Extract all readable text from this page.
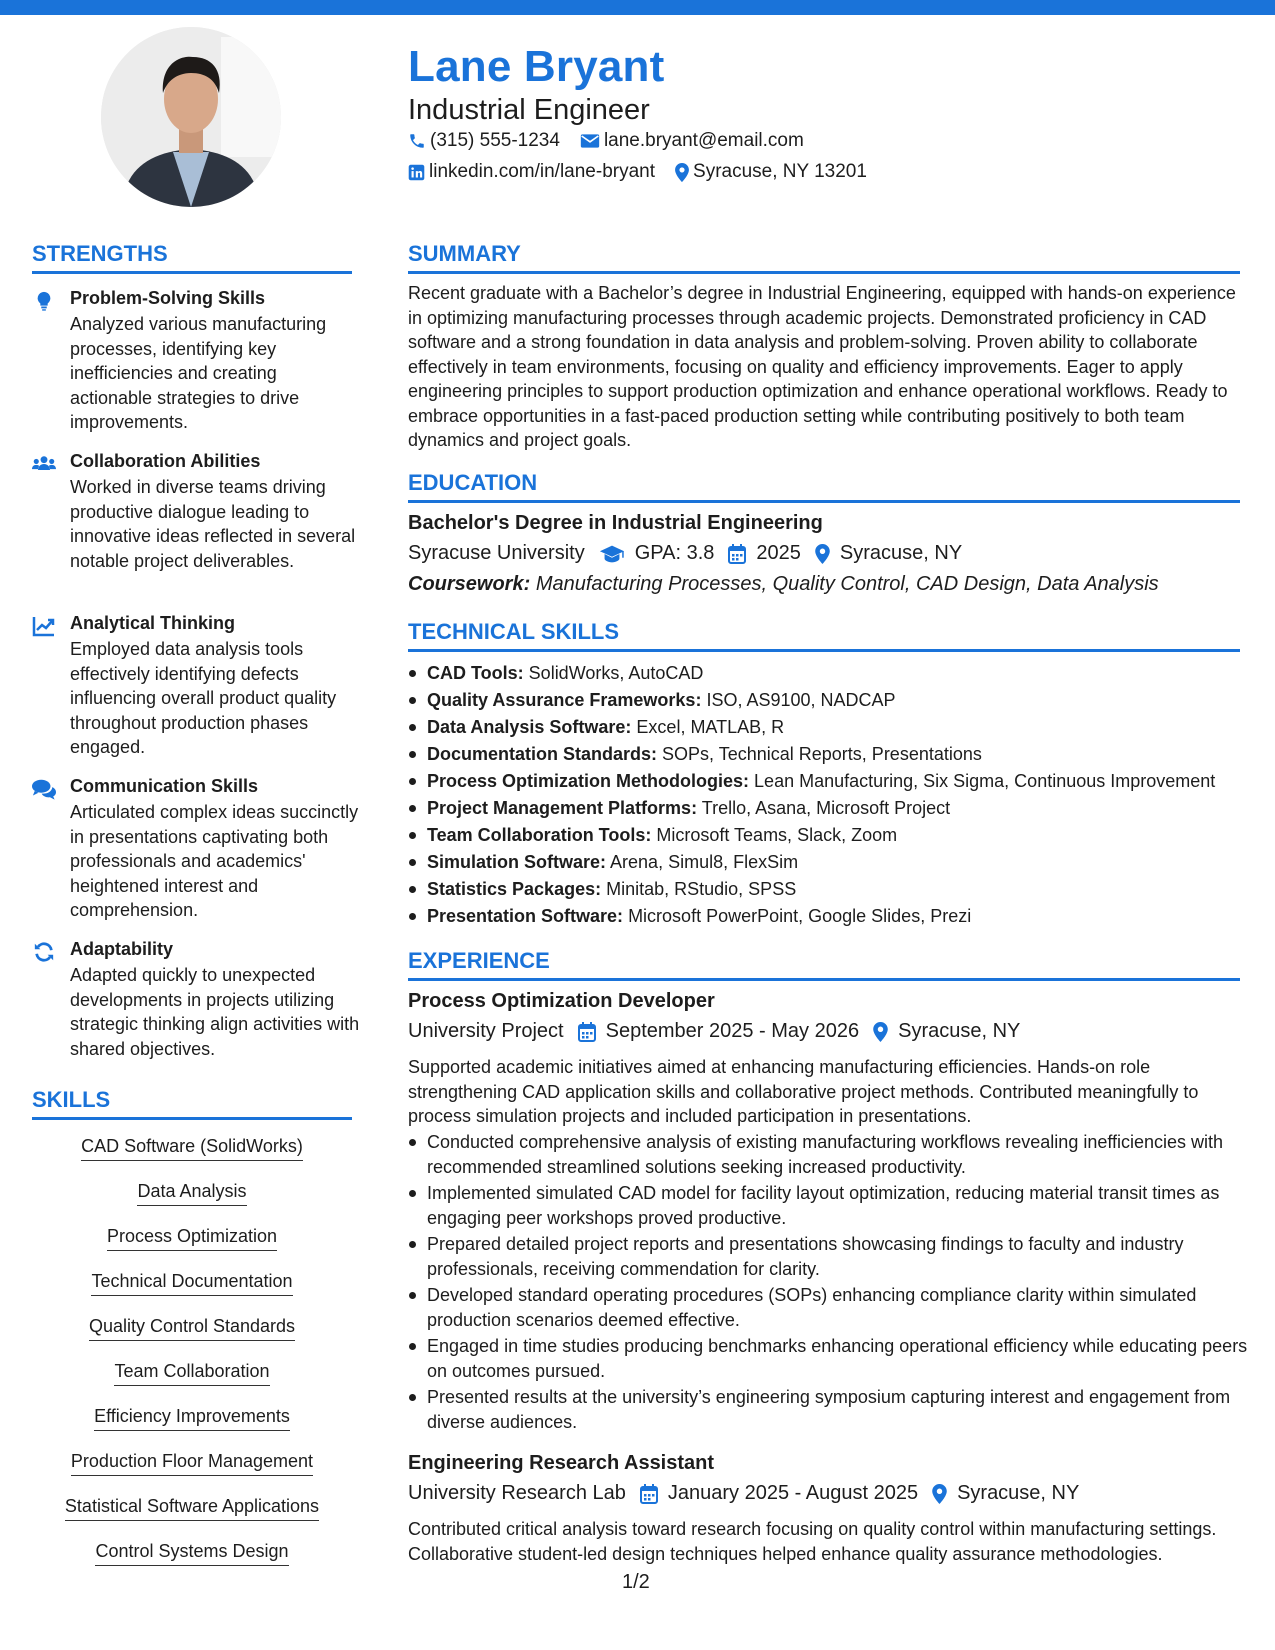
Lane Bryant
Industrial Engineer
(315) 555-1234 lane.bryant@email.com
linkedin.com/in/lane-bryant Syracuse, NY 13201
STRENGTHS
Problem-Solving Skills
Analyzed various manufacturing processes, identifying key inefficiencies and creating actionable strategies to drive improvements.
Collaboration Abilities
Worked in diverse teams driving productive dialogue leading to innovative ideas reflected in several notable project deliverables.
Analytical Thinking
Employed data analysis tools effectively identifying defects influencing overall product quality throughout production phases engaged.
Communication Skills
Articulated complex ideas succinctly in presentations captivating both professionals and academics' heightened interest and comprehension.
Adaptability
Adapted quickly to unexpected developments in projects utilizing strategic thinking align activities with shared objectives.
SKILLS
CAD Software (SolidWorks)
Data Analysis
Process Optimization
Technical Documentation
Quality Control Standards
Team Collaboration
Efficiency Improvements
Production Floor Management
Statistical Software Applications
Control Systems Design
SUMMARY
Recent graduate with a Bachelor’s degree in Industrial Engineering, equipped with hands-on experience in optimizing manufacturing processes through academic projects. Demonstrated proficiency in CAD software and a strong foundation in data analysis and problem-solving. Proven ability to collaborate effectively in team environments, focusing on quality and efficiency improvements. Eager to apply engineering principles to support production optimization and enhance operational workflows. Ready to embrace opportunities in a fast-paced production setting while contributing positively to both team dynamics and project goals.
EDUCATION
Bachelor's Degree in Industrial Engineering
Syracuse University	GPA: 3.8 2025 Syracuse, NY
Coursework: Manufacturing Processes, Quality Control, CAD Design, Data Analysis
TECHNICAL SKILLS
CAD Tools: SolidWorks, AutoCAD
Quality Assurance Frameworks: ISO, AS9100, NADCAP
Data Analysis Software: Excel, MATLAB, R
Documentation Standards: SOPs, Technical Reports, Presentations
Process Optimization Methodologies: Lean Manufacturing, Six Sigma, Continuous Improvement
Project Management Platforms: Trello, Asana, Microsoft Project
Team Collaboration Tools: Microsoft Teams, Slack, Zoom
Simulation Software: Arena, Simul8, FlexSim
Statistics Packages: Minitab, RStudio, SPSS
Presentation Software: Microsoft PowerPoint, Google Slides, Prezi
EXPERIENCE
Process Optimization Developer
University Project September 2025 - May 2026 Syracuse, NY
Supported academic initiatives aimed at enhancing manufacturing efficiencies. Hands-on role strengthening CAD application skills and collaborative project methods. Contributed meaningfully to process simulation projects and included participation in presentations.
Conducted comprehensive analysis of existing manufacturing workflows revealing inefficiencies with recommended streamlined solutions seeking increased productivity.
Implemented simulated CAD model for facility layout optimization, reducing material transit times as engaging peer workshops proved productive.
Prepared detailed project reports and presentations showcasing findings to faculty and industry professionals, receiving commendation for clarity.
Developed standard operating procedures (SOPs) enhancing compliance clarity within simulated production scenarios deemed effective.
Engaged in time studies producing benchmarks enhancing operational efficiency while educating peers on outcomes pursued.
Presented results at the university’s engineering symposium capturing interest and engagement from diverse audiences.
Engineering Research Assistant
University Research Lab January 2025 - August 2025 Syracuse, NY
Contributed critical analysis toward research focusing on quality control within manufacturing settings. Collaborative student-led design techniques helped enhance quality assurance methodologies.
1/2
